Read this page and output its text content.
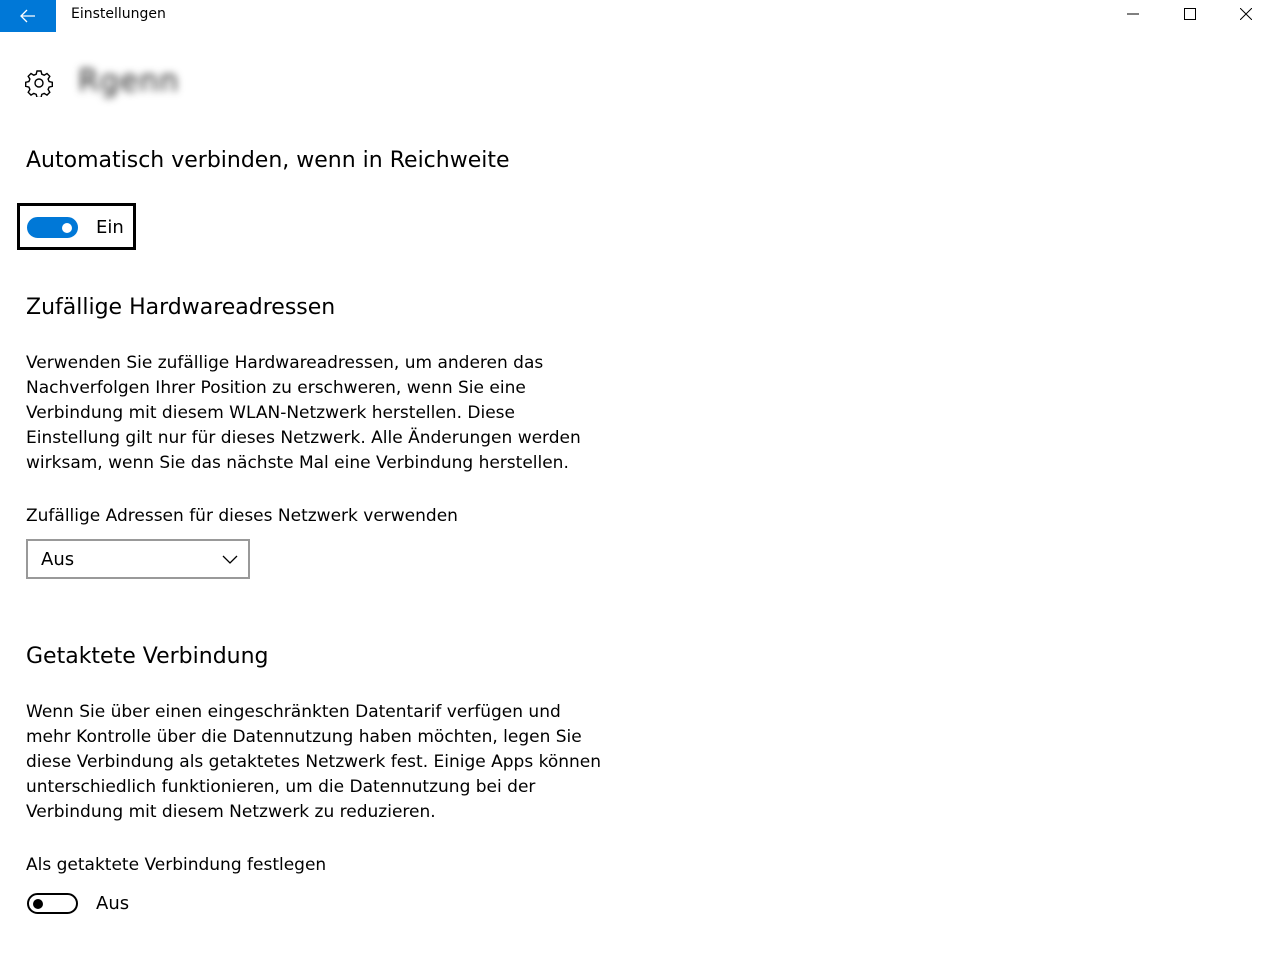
Einstellungen
Rgenn
Automatisch verbinden, wenn in Reichweite
Ein
Zufällige Hardwareadressen

Verwenden Sie zufällige Hardwareadressen, um anderen das Nachverfolgen Ihrer Position zu erschweren, wenn Sie eine Verbindung mit diesem WLAN-Netzwerk herstellen. Diese Einstellung gilt nur für dieses Netzwerk. Alle Änderungen werden wirksam, wenn Sie das nächste Mal eine Verbindung herstellen.

Zufällige Adressen für dieses Netzwerk verwenden
Aus
Getaktete Verbindung

Wenn Sie über einen eingeschränkten Datentarif verfügen und mehr Kontrolle über die Datennutzung haben möchten, legen Sie diese Verbindung als getaktetes Netzwerk fest. Einige Apps können unterschiedlich funktionieren, um die Datennutzung bei der Verbindung mit diesem Netzwerk zu reduzieren.

Als getaktete Verbindung festlegen
Aus
